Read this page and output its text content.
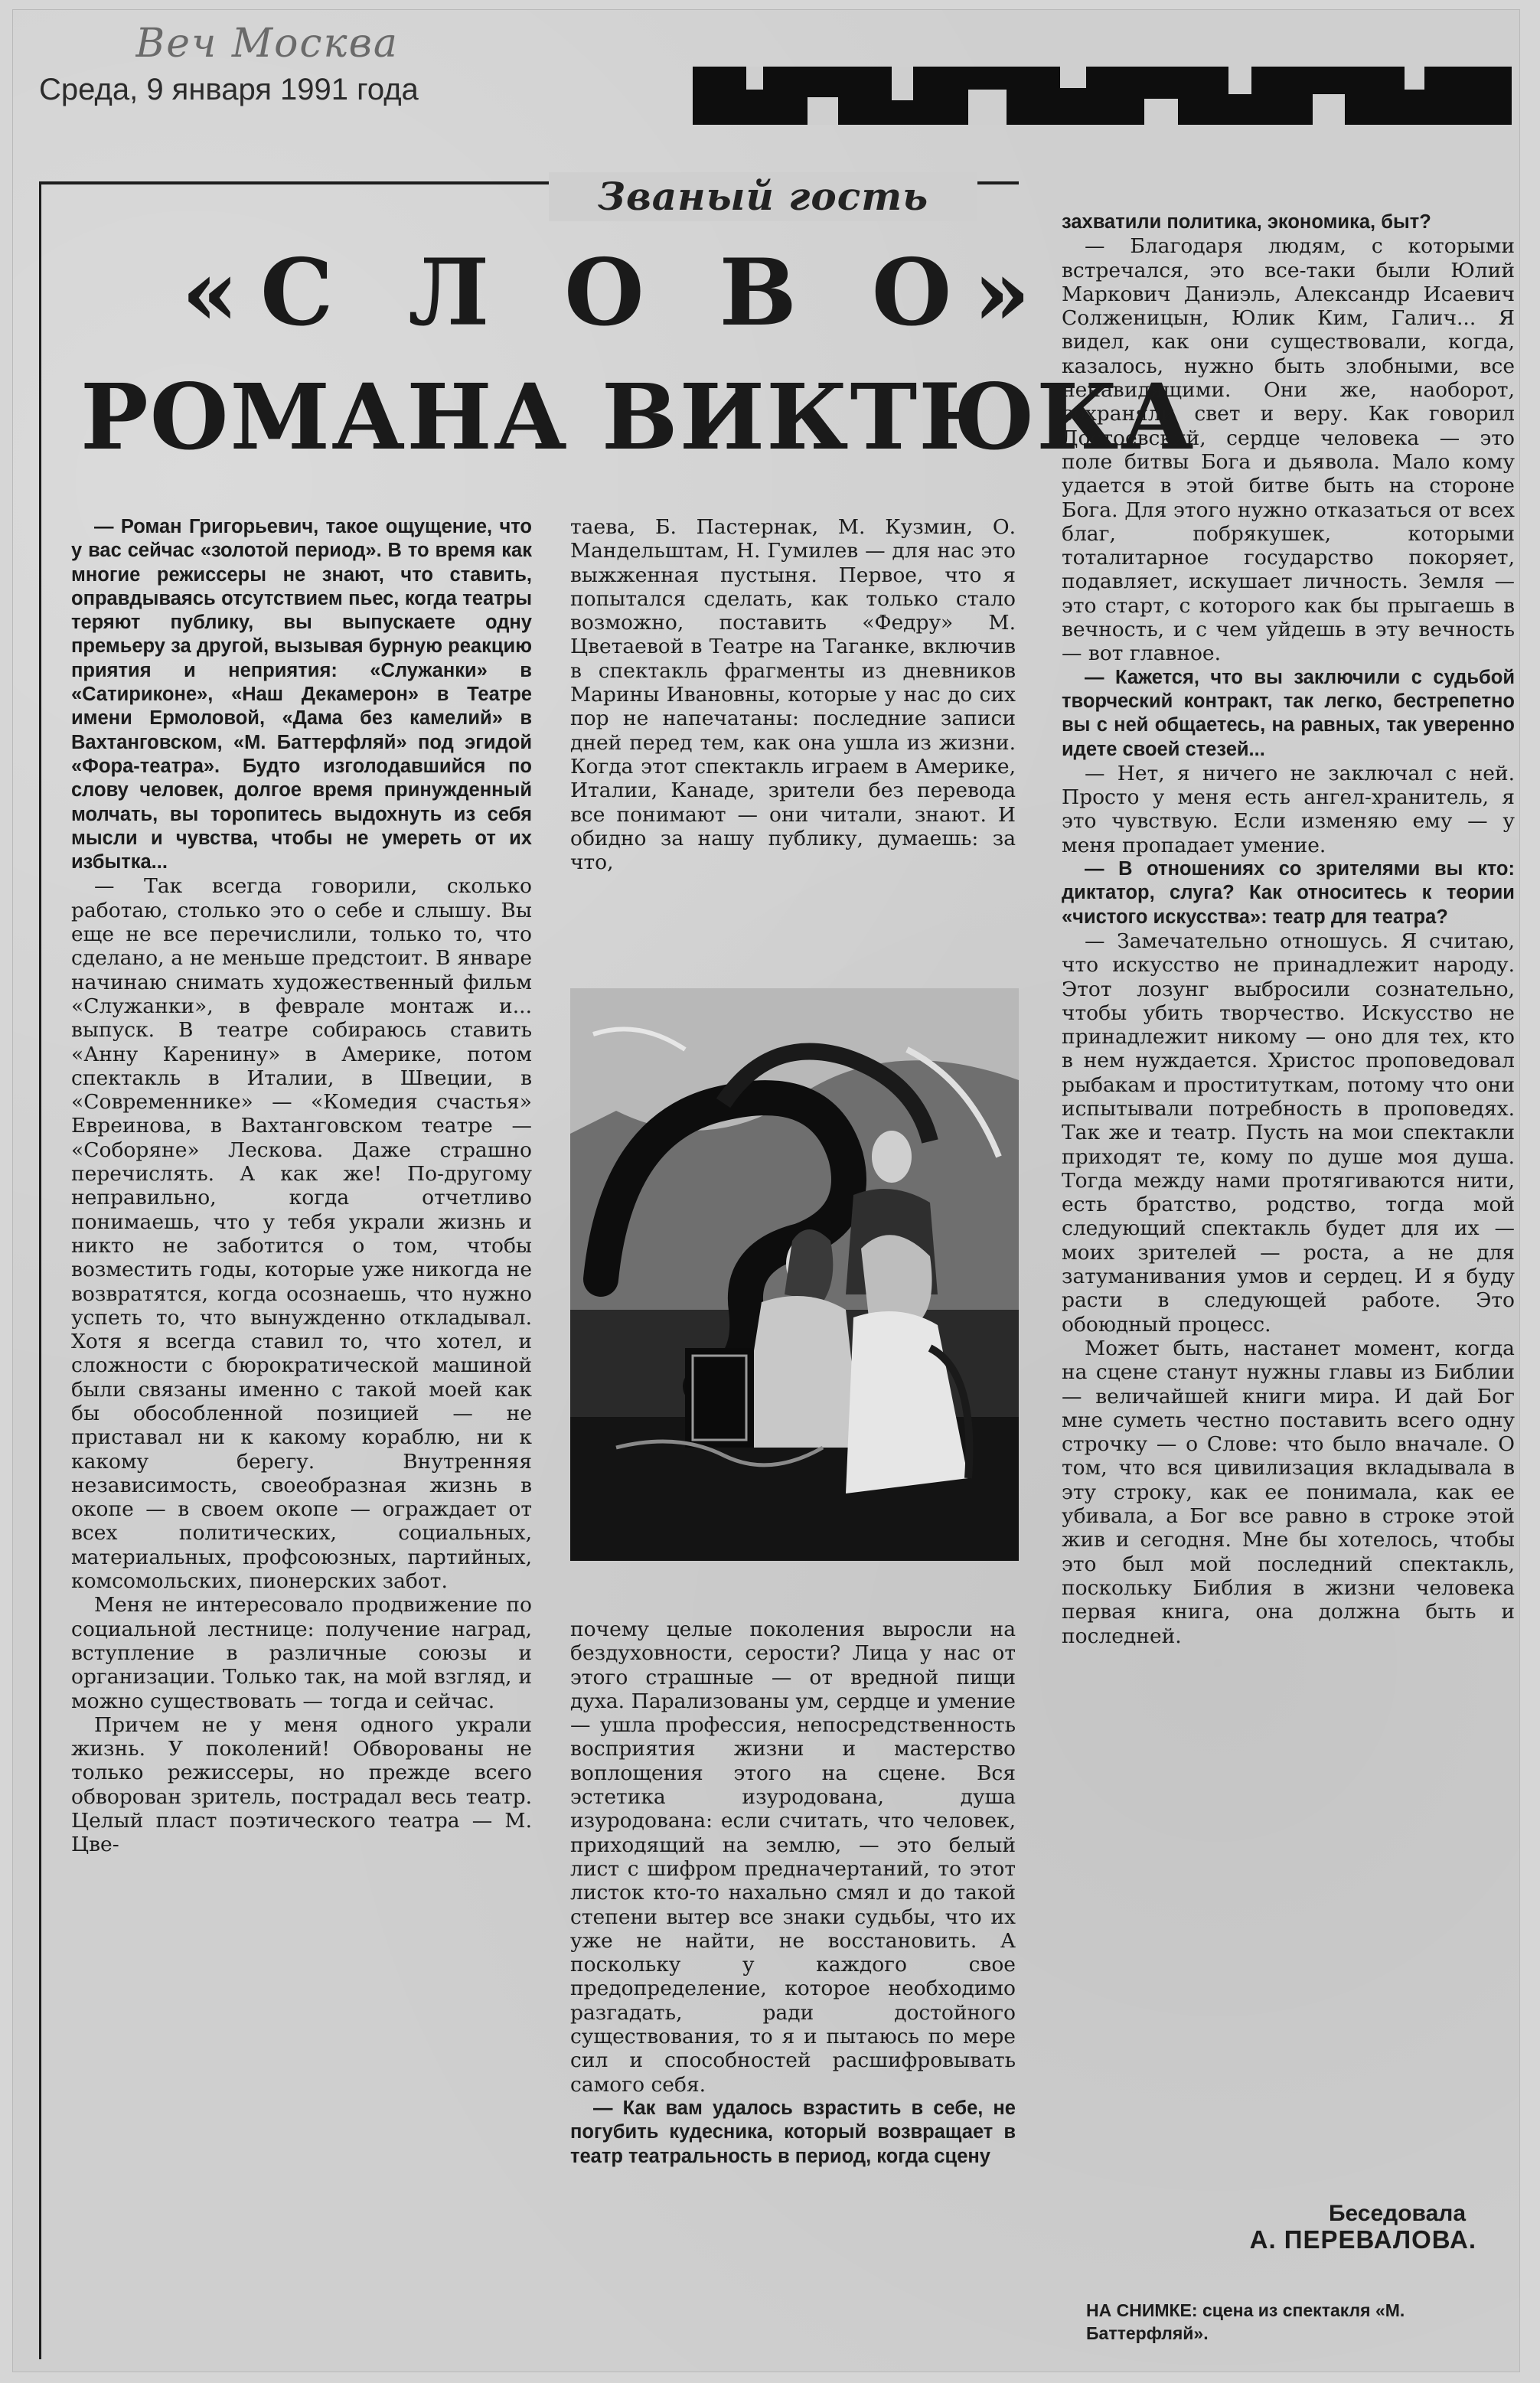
Веч Москва
Среда, 9 января 1991 года
Званый гость
«С Л О В О»
РОМАНА ВИКТЮКА

— Роман Григорьевич, такое ощущение, что у вас сейчас «золотой период». В то время как многие режиссеры не знают, что ставить, оправдываясь отсутствием пьес, когда театры теряют публику, вы выпускаете одну премьеру за другой, вызывая бурную реакцию приятия и неприятия: «Служанки» в «Сатириконе», «Наш Декамерон» в Театре имени Ермоловой, «Дама без камелий» в Вахтанговском, «М. Баттерфляй» под эгидой «Фора-театра». Будто изголодавшийся по слову человек, долгое время принужденный молчать, вы торопитесь выдохнуть из себя мысли и чувства, чтобы не умереть от их избытка...

— Так всегда говорили, сколько работаю, столько это о себе и слышу. Вы еще не все перечислили, только то, что сделано, а не меньше предстоит. В январе начинаю снимать художественный фильм «Служанки», в феврале монтаж и... выпуск. В театре собираюсь ставить «Анну Каренину» в Америке, потом спектакль в Италии, в Швеции, в «Современнике» — «Комедия счастья» Евреинова, в Вахтанговском театре — «Соборяне» Лескова. Даже страшно перечислять. А как же! По-другому неправильно, когда отчетливо понимаешь, что у тебя украли жизнь и никто не заботится о том, чтобы возместить годы, которые уже никогда не возвратятся, когда осознаешь, что нужно успеть то, что вынужденно откладывал. Хотя я всегда ставил то, что хотел, и сложности с бюрократической машиной были связаны именно с такой моей как бы обособленной позицией — не приставал ни к какому кораблю, ни к какому берегу. Внутренняя независимость, своеобразная жизнь в окопе — в своем окопе — ограждает от всех политических, социальных, материальных, профсоюзных, партийных, комсомольских, пионерских забот.

Меня не интересовало продвижение по социальной лестнице: получение наград, вступление в различные союзы и организации. Только так, на мой взгляд, и можно существовать — тогда и сейчас.

Причем не у меня одного украли жизнь. У поколений! Обворованы не только режиссеры, но прежде всего обворован зритель, пострадал весь театр. Целый пласт поэтического театра — М. Цве-

таева, Б. Пастернак, М. Кузмин, О. Мандельштам, Н. Гумилев — для нас это выжженная пустыня. Первое, что я попытался сделать, как только стало возможно, поставить «Федру» М. Цветаевой в Театре на Таганке, включив в спектакль фрагменты из дневников Марины Ивановны, которые у нас до сих пор не напечатаны: последние записи дней перед тем, как она ушла из жизни. Когда этот спектакль играем в Америке, Италии, Канаде, зрители без перевода все понимают — они читали, знают. И обидно за нашу публику, думаешь: за что,

почему целые поколения выросли на бездуховности, серости? Лица у нас от этого страшные — от вредной пищи духа. Парализованы ум, сердце и умение — ушла профессия, непосредственность восприятия жизни и мастерство воплощения этого на сцене. Вся эстетика изуродована, душа изуродована: если считать, что человек, приходящий на землю, — это белый лист с шифром предначертаний, то этот листок кто-то нахально смял и до такой степени вытер все знаки судьбы, что их уже не найти, не восстановить. А поскольку у каждого свое предопределение, которое необходимо разгадать, ради достойного существования, то я и пытаюсь по мере сил и способностей расшифровывать самого себя.

— Как вам удалось взрастить в себе, не погубить кудесника, который возвращает в театр театральность в период, когда сцену

захватили политика, экономика, быт?

— Благодаря людям, с которыми встречался, это все-таки были Юлий Маркович Даниэль, Александр Исаевич Солженицын, Юлик Ким, Галич... Я видел, как они существовали, когда, казалось, нужно быть злобными, все ненавидящими. Они же, наоборот, сохраняли свет и веру. Как говорил Достоевский, сердце человека — это поле битвы Бога и дьявола. Мало кому удается в этой битве быть на стороне Бога. Для этого нужно отказаться от всех благ, побрякушек, которыми тоталитарное государство покоряет, подавляет, искушает личность. Земля — это старт, с которого как бы прыгаешь в вечность, и с чем уйдешь в эту вечность — вот главное.

— Кажется, что вы заключили с судьбой творческий контракт, так легко, бестрепетно вы с ней общаетесь, на равных, так уверенно идете своей стезей...

— Нет, я ничего не заключал с ней. Просто у меня есть ангел-хранитель, я это чувствую. Если изменяю ему — у меня пропадает умение.

— В отношениях со зрителями вы кто: диктатор, слуга? Как относитесь к теории «чистого искусства»: театр для театра?

— Замечательно отношусь. Я считаю, что искусство не принадлежит народу. Этот лозунг выбросили сознательно, чтобы убить творчество. Искусство не принадлежит никому — оно для тех, кто в нем нуждается. Христос проповедовал рыбакам и проституткам, потому что они испытывали потребность в проповедях. Так же и театр. Пусть на мои спектакли приходят те, кому по душе моя душа. Тогда между нами протягиваются нити, есть братство, родство, тогда мой следующий спектакль будет для их — моих зрителей — роста, а не для затуманивания умов и сердец. И я буду расти в следующей работе. Это обоюдный процесс.

Может быть, настанет момент, когда на сцене станут нужны главы из Библии — величайшей книги мира. И дай Бог мне суметь честно поставить всего одну строчку — о Слове: что было вначале. О том, что вся цивилизация вкладывала в эту строку, как ее понимала, как ее убивала, а Бог все равно в строке этой жив и сегодня. Мне бы хотелось, чтобы это был мой последний спектакль, поскольку Библия в жизни человека первая книга, она должна быть и последней.

Беседовала
А. ПЕРЕВАЛОВА.
НА СНИМКЕ: сцена из спектакля «М. Баттерфляй».
